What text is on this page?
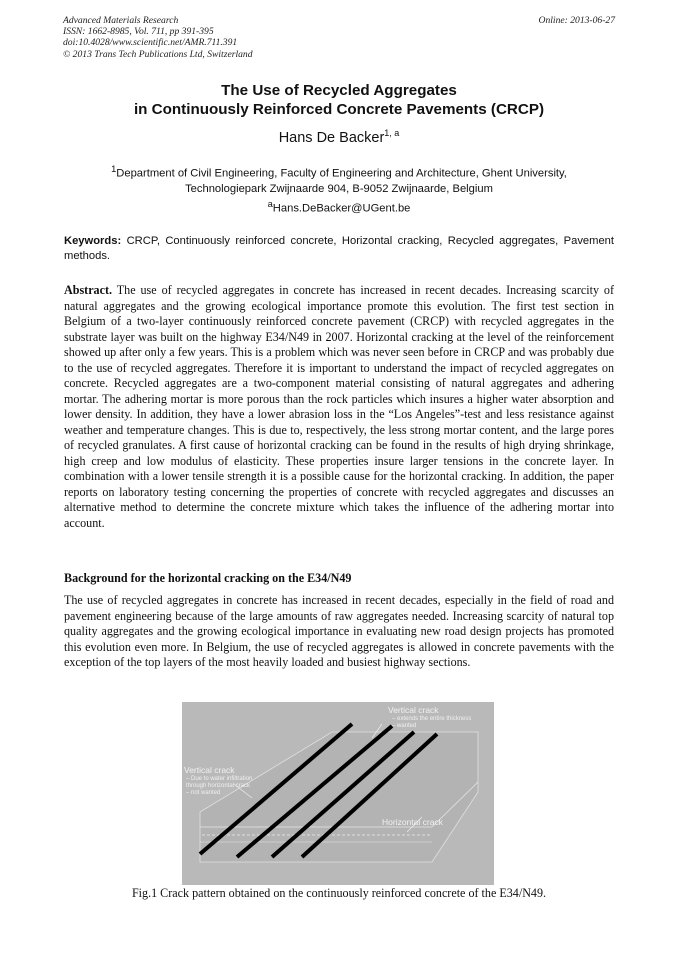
Advanced Materials Research
ISSN: 1662-8985, Vol. 711, pp 391-395
doi:10.4028/www.scientific.net/AMR.711.391
© 2013 Trans Tech Publications Ltd, Switzerland
Online: 2013-06-27
The Use of Recycled Aggregates
in Continuously Reinforced Concrete Pavements (CRCP)
Hans De Backer$^{1, a}$
$^1$Department of Civil Engineering, Faculty of Engineering and Architecture, Ghent University,
Technologiepark Zwijnaarde 904, B-9052 Zwijnaarde, Belgium
$^a$Hans.DeBacker@UGent.be
Keywords: CRCP, Continuously reinforced concrete, Horizontal cracking, Recycled aggregates, Pavement methods.
Abstract. The use of recycled aggregates in concrete has increased in recent decades. Increasing scarcity of natural aggregates and the growing ecological importance promote this evolution. The first test section in Belgium of a two-layer continuously reinforced concrete pavement (CRCP) with recycled aggregates in the substrate layer was built on the highway E34/N49 in 2007. Horizontal cracking at the level of the reinforcement showed up after only a few years. This is a problem which was never seen before in CRCP and was probably due to the use of recycled aggregates. Therefore it is important to understand the impact of recycled aggregates on concrete. Recycled aggregates are a two-component material consisting of natural aggregates and adhering mortar. The adhering mortar is more porous than the rock particles which insures a higher water absorption and lower density. In addition, they have a lower abrasion loss in the “Los Angeles”-test and less resistance against weather and temperature changes. This is due to, respectively, the less strong mortar content, and the large pores of recycled granulates. A first cause of horizontal cracking can be found in the results of high drying shrinkage, high creep and low modulus of elasticity. These properties insure larger tensions in the concrete layer. In combination with a lower tensile strength it is a possible cause for the horizontal cracking. In addition, the paper reports on laboratory testing concerning the properties of concrete with recycled aggregates and discusses an alternative method to determine the concrete mixture which takes the influence of the adhering mortar into account.
Background for the horizontal cracking on the E34/N49
The use of recycled aggregates in concrete has increased in recent decades, especially in the field of road and pavement engineering because of the large amounts of raw aggregates needed. Increasing scarcity of natural top quality aggregates and the growing ecological importance in evaluating new road design projects has promoted this evolution even more. In Belgium, the use of recycled aggregates is allowed in concrete pavements with the exception of the top layers of the most heavily loaded and busiest highway sections.
Vertical crack
– extends the entire thickness
– wanted
Vertical crack
– Due to water infiltration
through horizontal crack
– not wanted
Horizontal crack
Fig.1 Crack pattern obtained on the continuously reinforced concrete of the E34/N49.
